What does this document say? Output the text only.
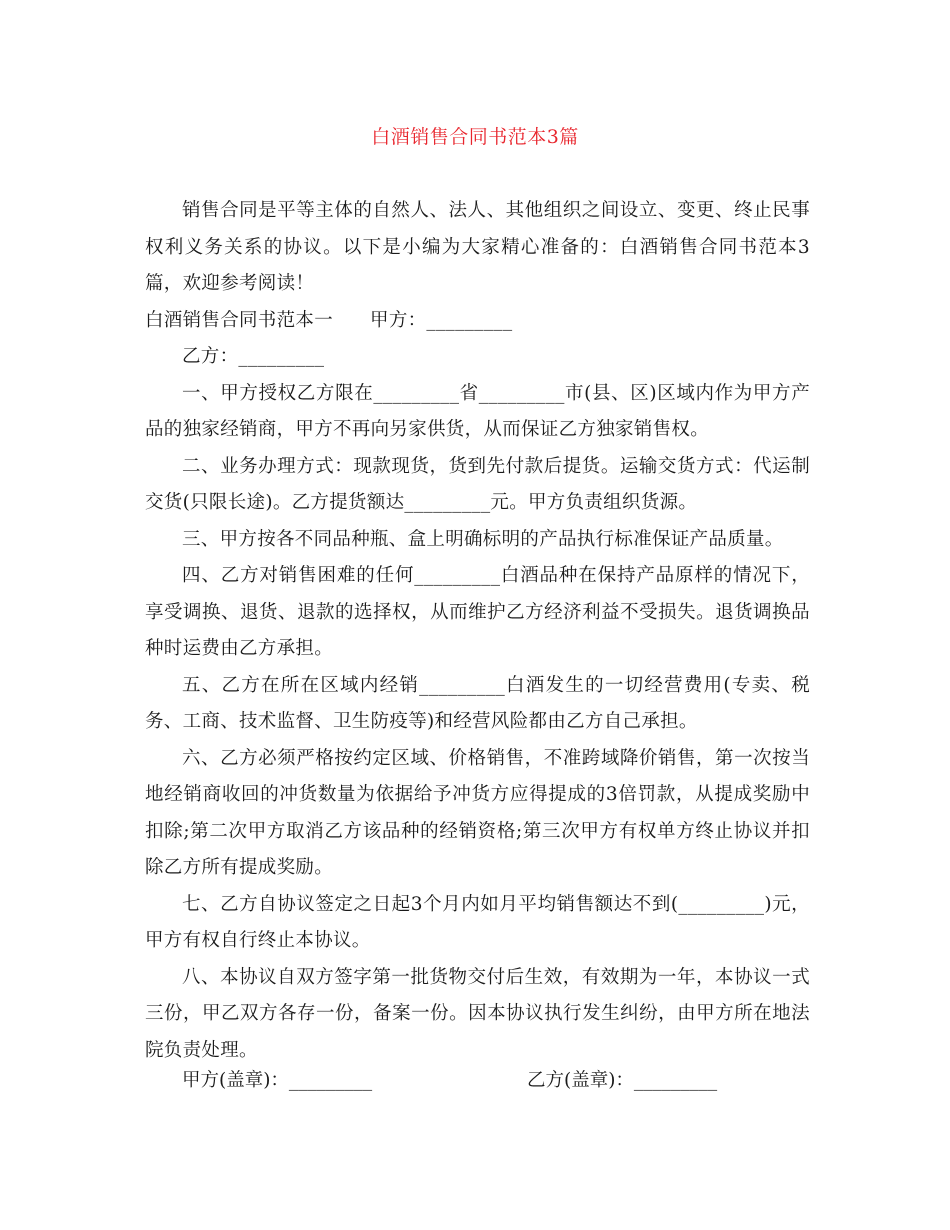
白酒销售合同书范本3篇

销售合同是平等主体的自然人、法人、其他组织之间设立、变更、终止民事权利义务关系的协议。以下是小编为大家精心准备的：白酒销售合同书范本3篇，欢迎参考阅读！

白酒销售合同书范本一 甲方：_________

乙方：_________

一、甲方授权乙方限在_________省_________市(县、区)区域内作为甲方产品的独家经销商，甲方不再向另家供货，从而保证乙方独家销售权。

二、业务办理方式：现款现货，货到先付款后提货。运输交货方式：代运制交货(只限长途)。乙方提货额达_________元。甲方负责组织货源。

三、甲方按各不同品种瓶、盒上明确标明的产品执行标准保证产品质量。

四、乙方对销售困难的任何_________白酒品种在保持产品原样的情况下，享受调换、退货、退款的选择权，从而维护乙方经济利益不受损失。退货调换品种时运费由乙方承担。

五、乙方在所在区域内经销_________白酒发生的一切经营费用(专卖、税务、工商、技术监督、卫生防疫等)和经营风险都由乙方自己承担。

六、乙方必须严格按约定区域、价格销售，不准跨域降价销售，第一次按当地经销商收回的冲货数量为依据给予冲货方应得提成的3倍罚款，从提成奖励中扣除;第二次甲方取消乙方该品种的经销资格;第三次甲方有权单方终止协议并扣除乙方所有提成奖励。

七、乙方自协议签定之日起3个月内如月平均销售额达不到(_________)元，甲方有权自行终止本协议。

八、本协议自双方签字第一批货物交付后生效，有效期为一年，本协议一式三份，甲乙双方各存一份，备案一份。因本协议执行发生纠纷，由甲方所在地法院负责处理。

甲方(盖章)：_________	乙方(盖章)：_________
